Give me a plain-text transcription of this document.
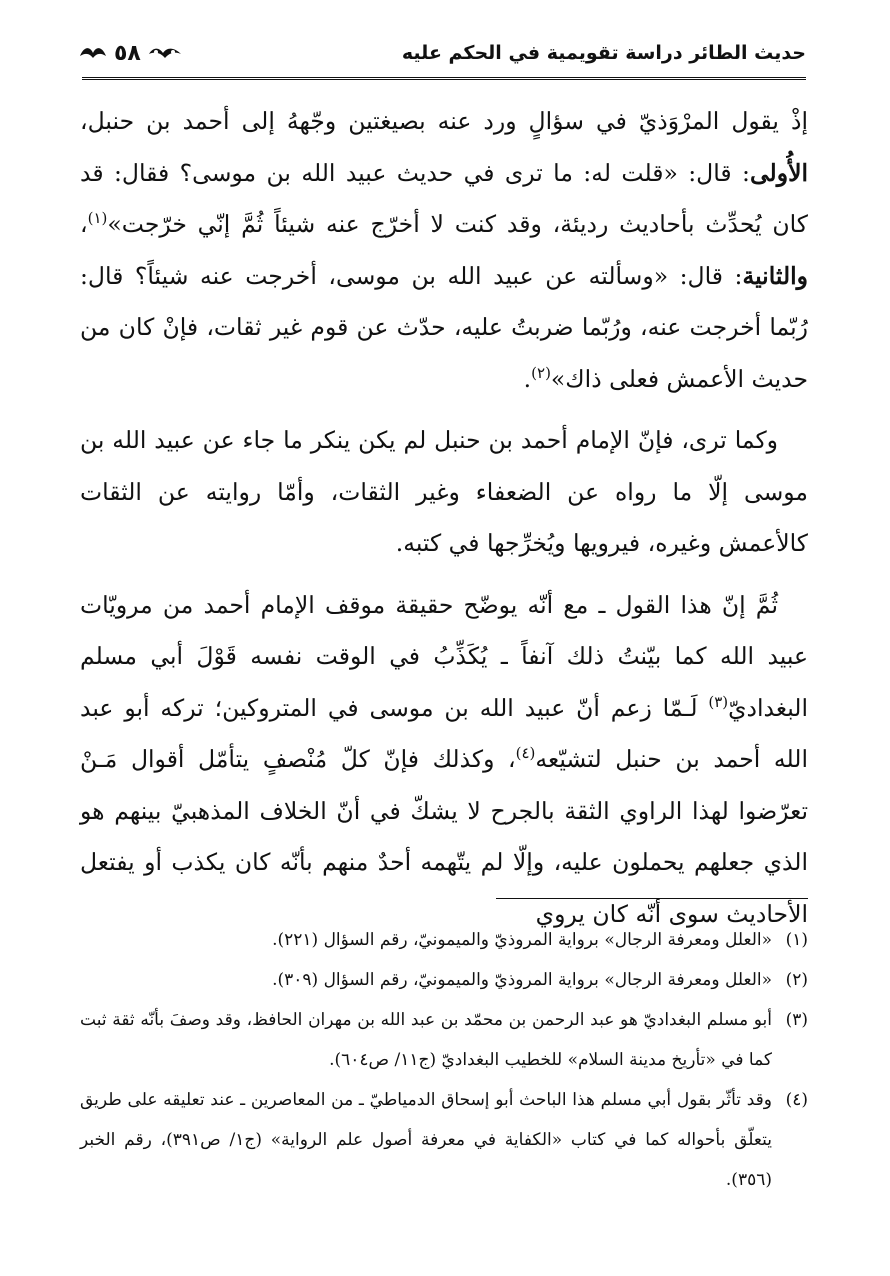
حديث الطائر دراسة تقويمية في الحكم عليه
٥٨

إذْ يقول المرْوَذيّ في سؤالٍ ورد عنه بصيغتين وجّههُ إلى أحمد بن حنبل، الأُولى: قال: «قلت له: ما ترى في حديث عبيد الله بن موسى؟ فقال: قد كان يُحدِّث بأحاديث رديئة، وقد كنت لا أخرّج عنه شيئاً ثُمَّ إنّي خرّجت»$^{(١)}$، والثانية: قال: «وسألته عن عبيد الله بن موسى، أخرجت عنه شيئاً؟ قال: رُبّما أخرجت عنه، ورُبّما ضربتُ عليه، حدّث عن قوم غير ثقات، فإنْ كان من حديث الأعمش فعلى ذاك»$^{(٢)}$.

وكما ترى، فإنّ الإمام أحمد بن حنبل لم يكن ينكر ما جاء عن عبيد الله بن موسى إلّا ما رواه عن الضعفاء وغير الثقات، وأمّا روايته عن الثقات كالأعمش وغيره، فيرويها ويُخرِّجها في كتبه.

ثُمَّ إنّ هذا القول ـ مع أنّه يوضّح حقيقة موقف الإمام أحمد من مرويّات عبيد الله كما بيّنتُ ذلك آنفاً ـ يُكَذِّبُ في الوقت نفسه قَوْلَ أبي مسلم البغداديّ$^{(٣)}$ لَـمّا زعم أنّ عبيد الله بن موسى في المتروكين؛ تركه أبو عبد الله أحمد بن حنبل لتشيّعه$^{(٤)}$، وكذلك فإنّ كلّ مُنْصفٍ يتأمّل أقوال مَـنْ تعرّضوا لهذا الراوي الثقة بالجرح لا يشكّ في أنّ الخلاف المذهبيّ بينهم هو الذي جعلهم يحملون عليه، وإلّا لم يتّهمه أحدٌ منهم بأنّه كان يكذب أو يفتعل الأحاديث سوى أنّه كان يروي

(١)
«العلل ومعرفة الرجال» برواية المروذيّ والميمونيّ، رقم السؤال (٢٢١).

(٢)
«العلل ومعرفة الرجال» برواية المروذيّ والميمونيّ، رقم السؤال (٣٠٩).

(٣)
أبو مسلم البغداديّ هو عبد الرحمن بن محمّد بن عبد الله بن مهران الحافظ، وقد وصفَ بأنّه ثقة ثبت كما في «تأريخ مدينة السلام» للخطيب البغداديّ (ج١١/ ص٦٠٤).

(٤)
وقد تأثّر بقول أبي مسلم هذا الباحث أبو إسحاق الدمياطيّ ـ من المعاصرين ـ عند تعليقه على طريق يتعلّق بأحواله كما في كتاب «الكفاية في معرفة أصول علم الرواية» (ج١/ ص٣٩١)، رقم الخبر (٣٥٦).
